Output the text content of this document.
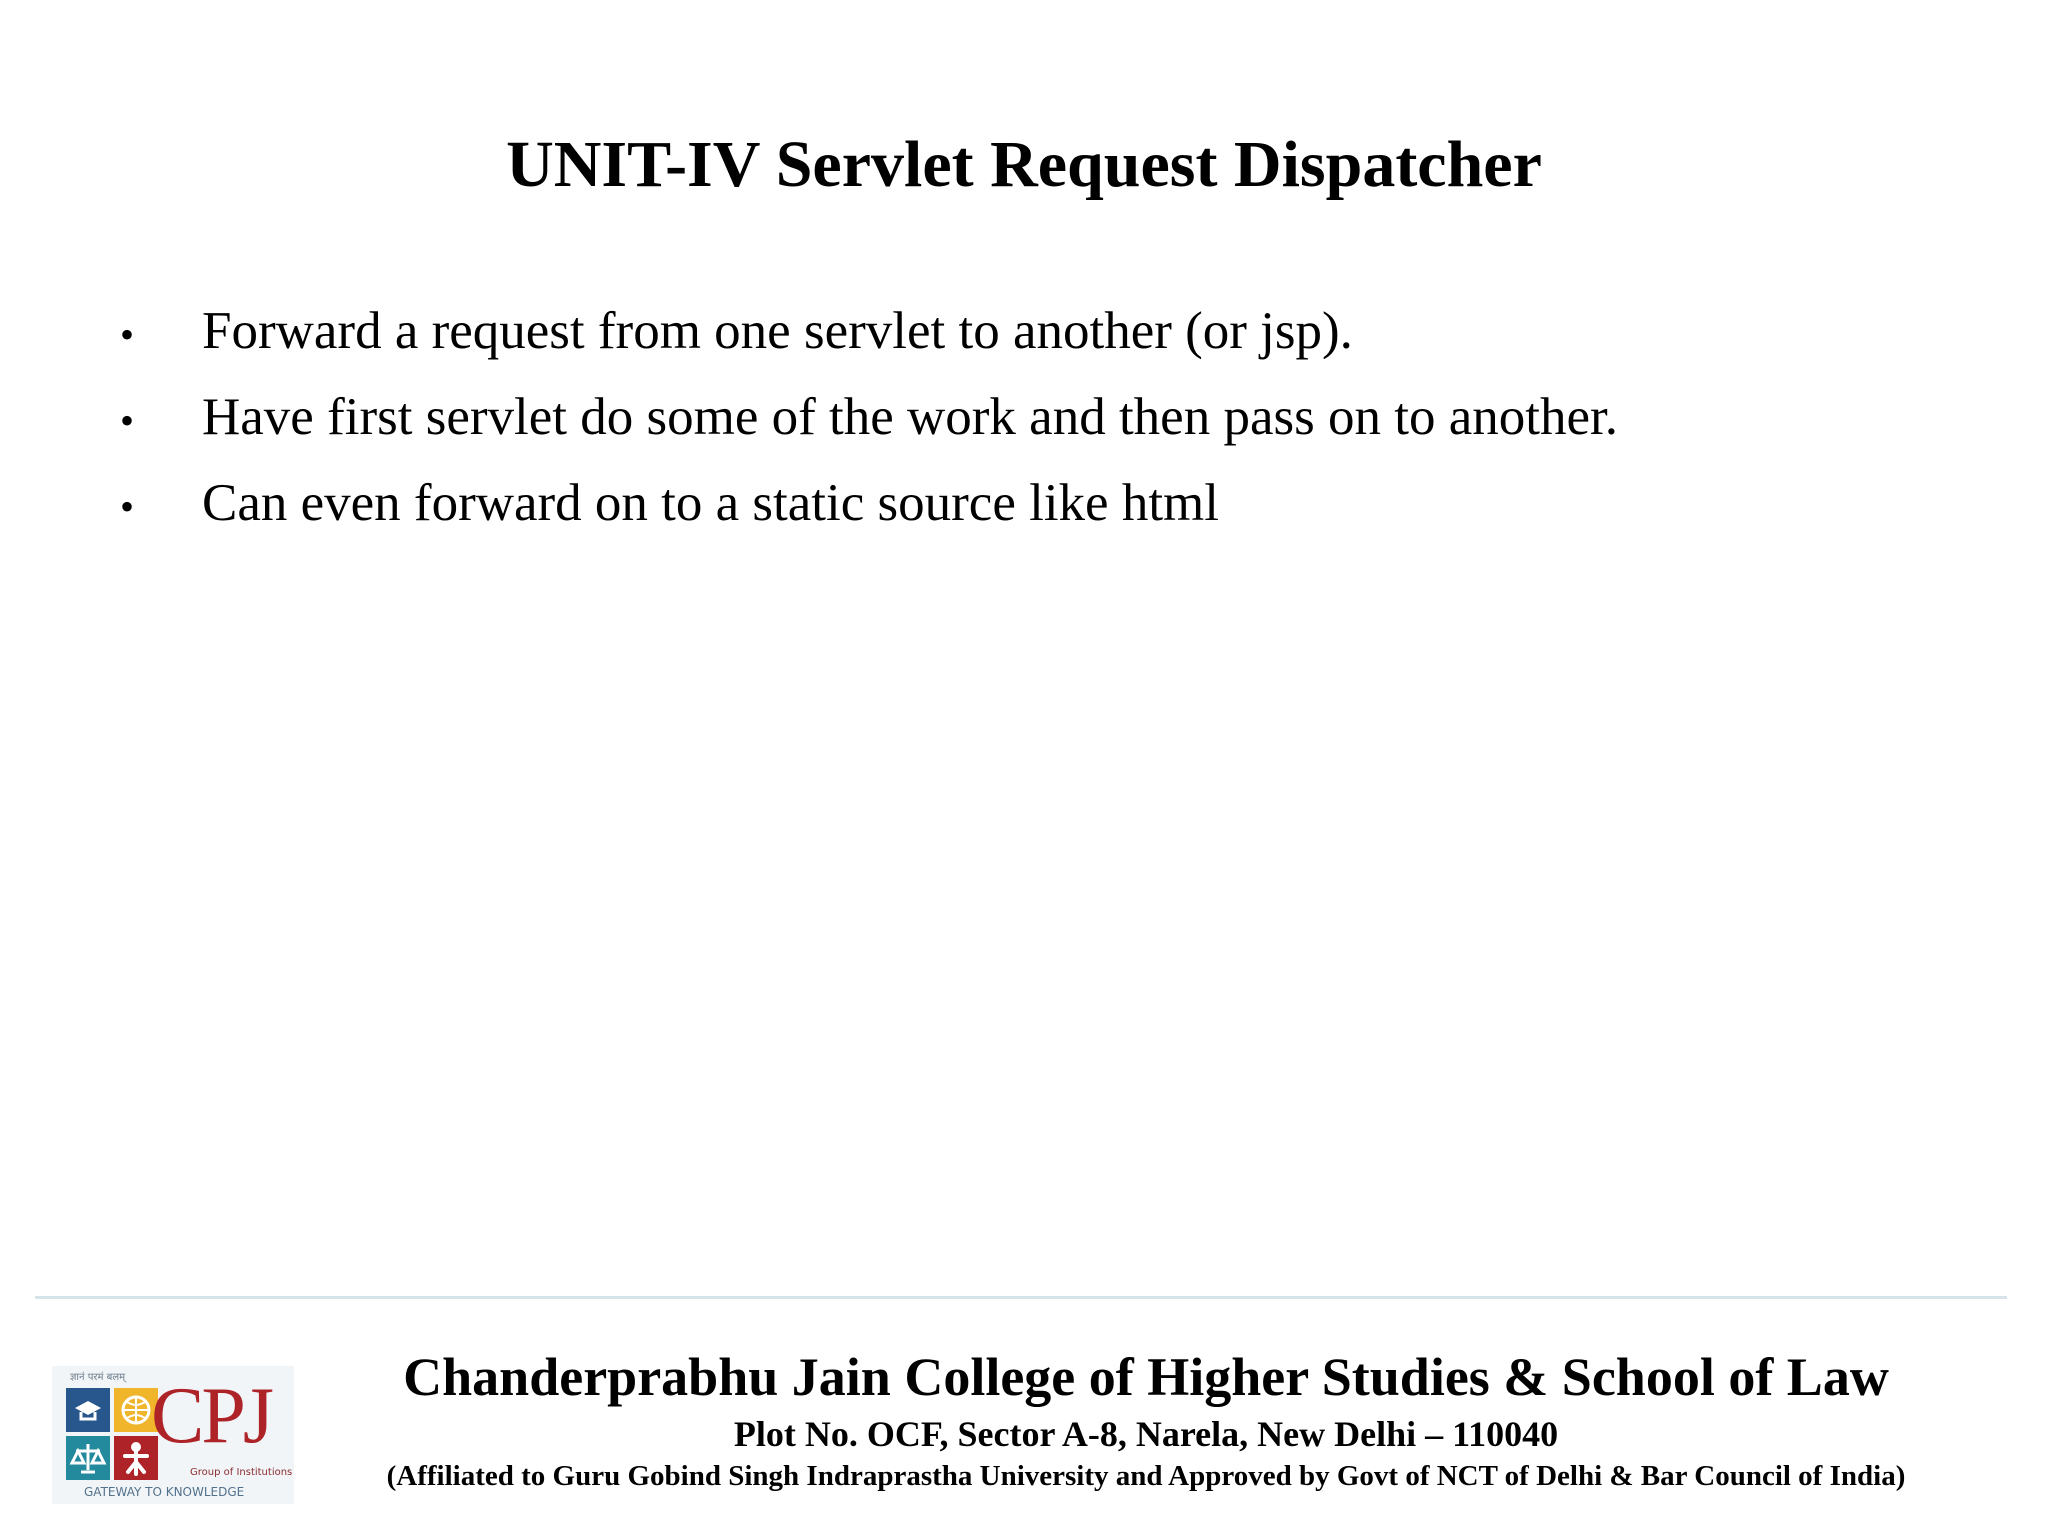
UNIT-IV Servlet Request Dispatcher
•	Forward a request from one servlet to another (or jsp).
•	Have first servlet do some of the work and then pass on to another.
•	Can even forward on to a static source like html
ज्ञानं परमं बलम् CPJ
Group of Institutions
GATEWAY TO KNOWLEDGE
Chanderprabhu Jain College of Higher Studies & School of Law
Plot No. OCF, Sector A-8, Narela, New Delhi – 110040
(Affiliated to Guru Gobind Singh Indraprastha University and Approved by Govt of NCT of Delhi & Bar Council of India)
